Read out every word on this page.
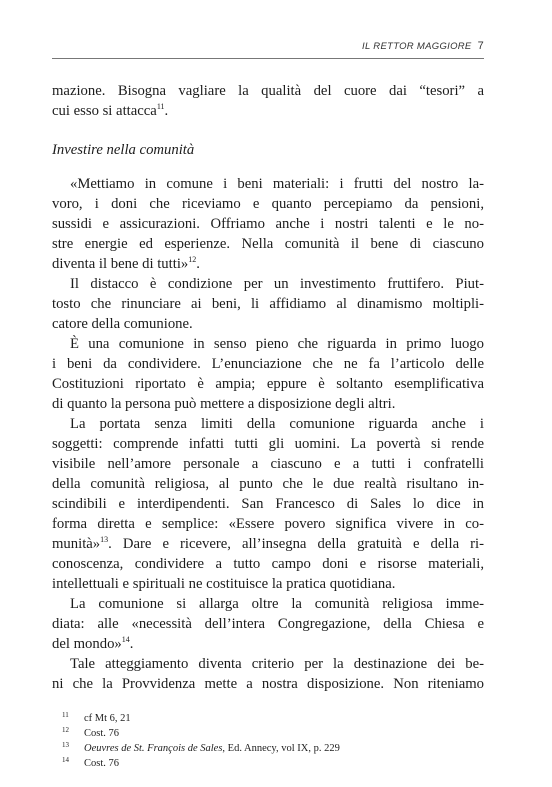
IL RETTOR MAGGIORE 7
mazione. Bisogna vagliare la qualità del cuore dai “tesori” a
cui esso si attacca$^{11}$.
Investire nella comunità
«Mettiamo in comune i beni materiali: i frutti del nostro la-
voro, i doni che riceviamo e quanto percepiamo da pensioni,
sussidi e assicurazioni. Offriamo anche i nostri talenti e le no-
stre energie ed esperienze. Nella comunità il bene di ciascuno
diventa il bene di tutti»$^{12}$.
Il distacco è condizione per un investimento fruttifero. Piut-
tosto che rinunciare ai beni, li affidiamo al dinamismo moltipli-
catore della comunione.
È una comunione in senso pieno che riguarda in primo luogo
i beni da condividere. L’enunciazione che ne fa l’articolo delle
Costituzioni riportato è ampia; eppure è soltanto esemplificativa
di quanto la persona può mettere a disposizione degli altri.
La portata senza limiti della comunione riguarda anche i
soggetti: comprende infatti tutti gli uomini. La povertà si rende
visibile nell’amore personale a ciascuno e a tutti i confratelli
della comunità religiosa, al punto che le due realtà risultano in-
scindibili e interdipendenti. San Francesco di Sales lo dice in
forma diretta e semplice: «Essere povero significa vivere in co-
munità»$^{13}$. Dare e ricevere, all’insegna della gratuità e della ri-
conoscenza, condividere a tutto campo doni e risorse materiali,
intellettuali e spirituali ne costituisce la pratica quotidiana.
La comunione si allarga oltre la comunità religiosa imme-
diata: alle «necessità dell’intera Congregazione, della Chiesa e
del mondo»$^{14}$.
Tale atteggiamento diventa criterio per la destinazione dei be-
ni che la Provvidenza mette a nostra disposizione. Non riteniamo
11 cf Mt 6, 21
12 Cost. 76
13 Oeuvres de St. François de Sales, Ed. Annecy, vol IX, p. 229
14 Cost. 76
